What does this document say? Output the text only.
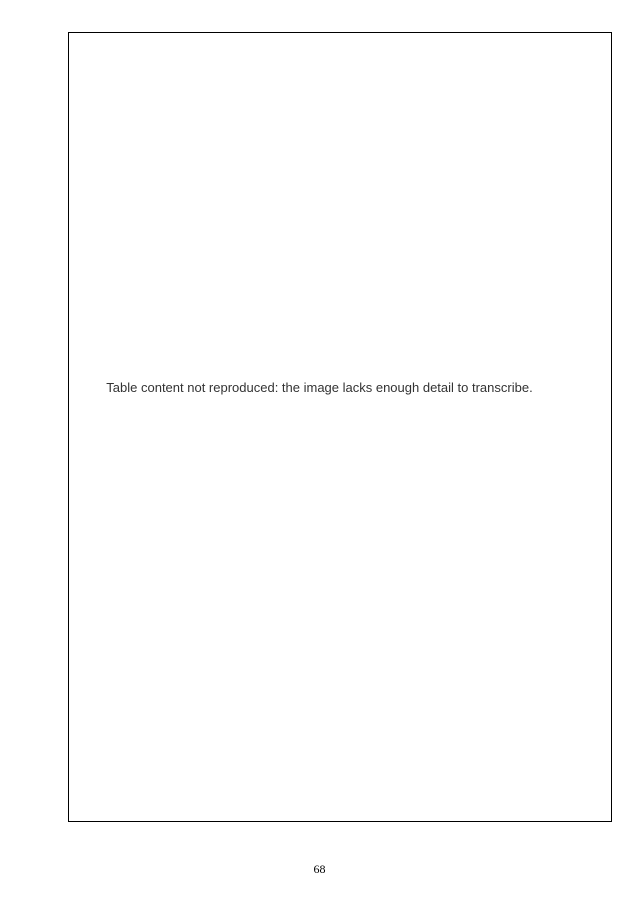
Table content not reproduced: the image lacks enough detail to transcribe.
68
